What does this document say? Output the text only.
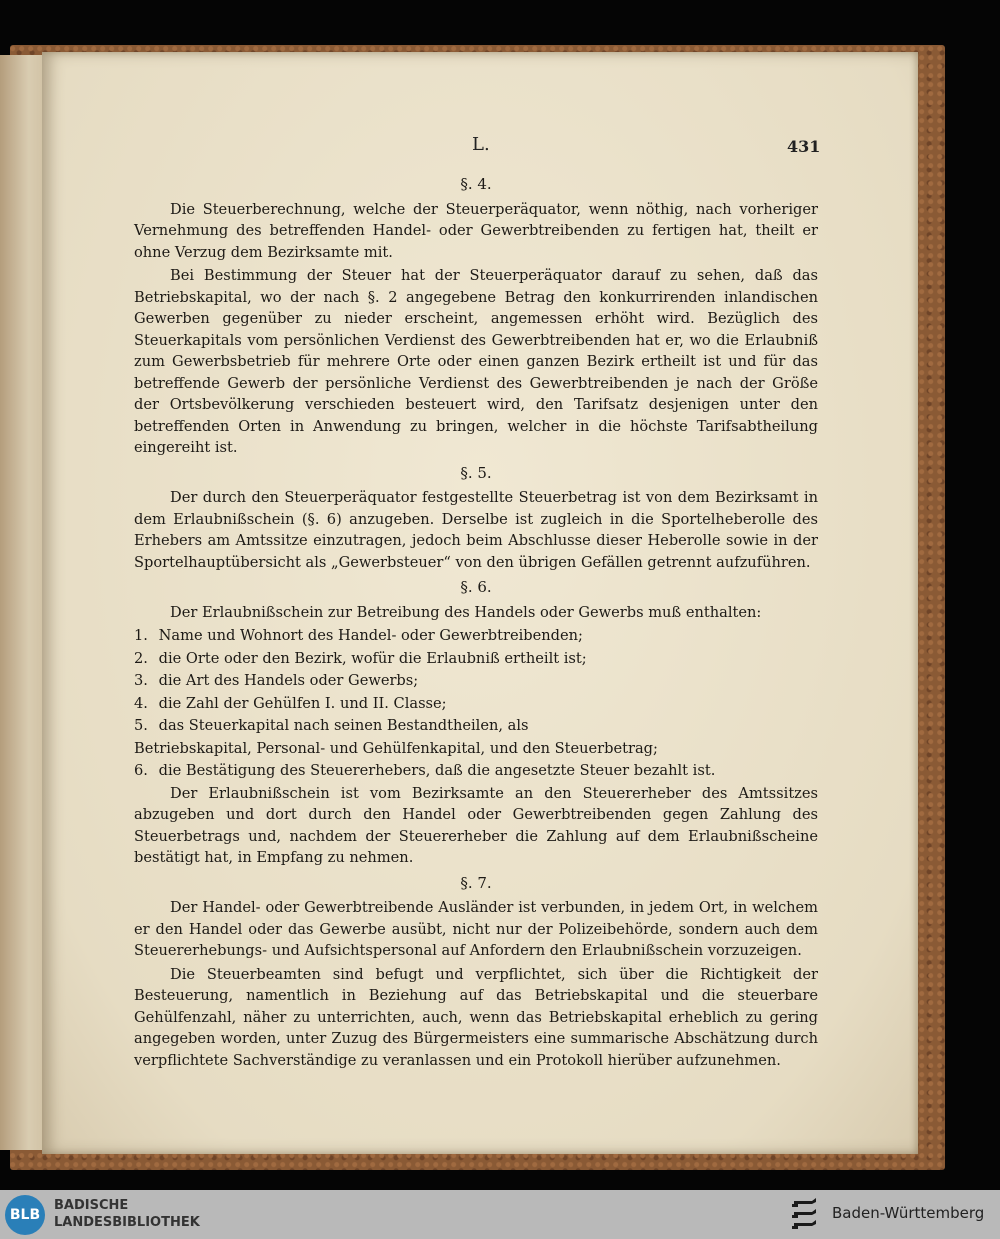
L.	431
§. 4.

Die Steuerberechnung, welche der Steuerperäquator, wenn nöthig, nach vorheriger Vernehmung des betreffenden Handel- oder Gewerbtreibenden zu fertigen hat, theilt er ohne Verzug dem Bezirksamte mit.

Bei Bestimmung der Steuer hat der Steuerperäquator darauf zu sehen, daß das Betriebskapital, wo der nach §. 2 angegebene Betrag den konkurrirenden inlandischen Gewerben gegenüber zu nieder erscheint, angemessen erhöht wird. Bezüglich des Steuerkapitals vom persönlichen Verdienst des Gewerbtreibenden hat er, wo die Erlaubniß zum Gewerbsbetrieb für mehrere Orte oder einen ganzen Bezirk ertheilt ist und für das betreffende Gewerb der persönliche Verdienst des Gewerbtreibenden je nach der Größe der Ortsbevölkerung verschieden besteuert wird, den Tarifsatz desjenigen unter den betreffenden Orten in Anwendung zu bringen, welcher in die höchste Tarifsabtheilung eingereiht ist.

§. 5.

Der durch den Steuerperäquator festgestellte Steuerbetrag ist von dem Bezirksamt in dem Erlaubnißschein (§. 6) anzugeben. Derselbe ist zugleich in die Sportelheberolle des Erhebers am Amtssitze einzutragen, jedoch beim Abschlusse dieser Heberolle sowie in der Sportelhauptübersicht als „Gewerbsteuer“ von den übrigen Gefällen getrennt aufzuführen.

§. 6.

Der Erlaubnißschein zur Betreibung des Handels oder Gewerbs muß enthalten:

1. Name und Wohnort des Handel- oder Gewerbtreibenden;
2. die Orte oder den Bezirk, wofür die Erlaubniß ertheilt ist;
3. die Art des Handels oder Gewerbs;
4. die Zahl der Gehülfen I. und II. Classe;
5. das Steuerkapital nach seinen Bestandtheilen, als
Betriebskapital, Personal- und Gehülfenkapital, und den Steuerbetrag;
6. die Bestätigung des Steuererhebers, daß die angesetzte Steuer bezahlt ist.

Der Erlaubnißschein ist vom Bezirksamte an den Steuererheber des Amtssitzes abzugeben und dort durch den Handel oder Gewerbtreibenden gegen Zahlung des Steuerbetrags und, nachdem der Steuererheber die Zahlung auf dem Erlaubnißscheine bestätigt hat, in Empfang zu nehmen.

§. 7.

Der Handel- oder Gewerbtreibende Ausländer ist verbunden, in jedem Ort, in welchem er den Handel oder das Gewerbe ausübt, nicht nur der Polizeibehörde, sondern auch dem Steuererhebungs- und Aufsichtspersonal auf Anfordern den Erlaubnißschein vorzuzeigen.

Die Steuerbeamten sind befugt und verpflichtet, sich über die Richtigkeit der Besteuerung, namentlich in Beziehung auf das Betriebskapital und die steuerbare Gehülfenzahl, näher zu unterrichten, auch, wenn das Betriebskapital erheblich zu gering angegeben worden, unter Zuzug des Bürgermeisters eine summarische Abschätzung durch verpflichtete Sachverständige zu veranlassen und ein Protokoll hierüber aufzunehmen.

BLB
BADISCHE
LANDESBIBLIOTHEK
Baden-Württemberg
